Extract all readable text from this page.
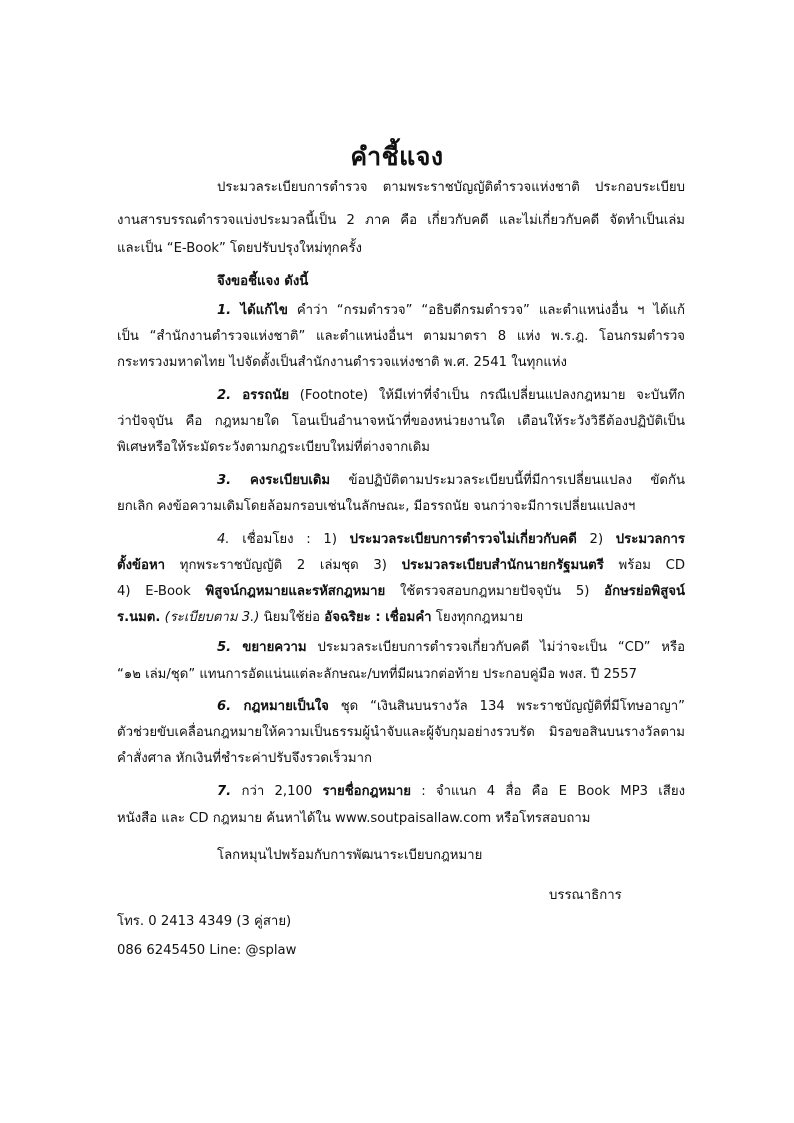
คำชี้แจง
ประมวลระเบียบการตำรวจ ตามพระราชบัญญัติตำรวจแห่งชาติ ประกอบระเบียบ
งานสารบรรณตำรวจแบ่งประมวลนี้เป็น 2 ภาค คือ เกี่ยวกับคดี และไม่เกี่ยวกับคดี จัดทำเป็นเล่ม
และเป็น “E-Book” โดยปรับปรุงใหม่ทุกครั้ง
จึงขอชี้แจง ดังนี้
1. ได้แก้ไข คำว่า “กรมตำรวจ” “อธิบดีกรมตำรวจ” และตำแหน่งอื่น ฯ ได้แก้
เป็น “สำนักงานตำรวจแห่งชาติ” และตำแหน่งอื่นฯ ตามมาตรา 8 แห่ง พ.ร.ฎ. โอนกรมตำรวจ
กระทรวงมหาดไทย ไปจัดตั้งเป็นสำนักงานตำรวจแห่งชาติ พ.ศ. 2541 ในทุกแห่ง
2. อรรถนัย (Footnote) ให้มีเท่าที่จำเป็น กรณีเปลี่ยนแปลงกฎหมาย จะบันทึก
ว่าปัจจุบัน คือ กฎหมายใด โอนเป็นอำนาจหน้าที่ของหน่วยงานใด เตือนให้ระวังวิธีต้องปฏิบัติเป็น
พิเศษหรือให้ระมัดระวังตามกฎระเบียบใหม่ที่ต่างจากเดิม
3. คงระเบียบเดิม ข้อปฏิบัติตามประมวลระเบียบนี้ที่มีการเปลี่ยนแปลง ขัดกัน
ยกเลิก คงข้อความเดิมโดยล้อมกรอบเช่นในลักษณะ, มีอรรถนัย จนกว่าจะมีการเปลี่ยนแปลงฯ
4. เชื่อมโยง : 1) ประมวลระเบียบการตำรวจไม่เกี่ยวกับคดี 2) ประมวลการ
ตั้งข้อหา ทุกพระราชบัญญัติ 2 เล่มชุด 3) ประมวลระเบียบสำนักนายกรัฐมนตรี พร้อม CD
4) E-Book พิสูจน์กฎหมายและรหัสกฎหมาย ใช้ตรวจสอบกฎหมายปัจจุบัน 5) อักษรย่อพิสูจน์
ร.นมต. (ระเบียบตาม 3.) นิยมใช้ย่อ อัจฉริยะ : เชื่อมคำ โยงทุกกฎหมาย
5. ขยายความ ประมวลระเบียบการตำรวจเกี่ยวกับคดี ไม่ว่าจะเป็น “CD” หรือ
“๑๒ เล่ม/ชุด” แทนการอัดแน่นแต่ละลักษณะ/บทที่มีผนวกต่อท้าย ประกอบคู่มือ พงส. ปี 2557
6. กฎหมายเป็นใจ ชุด “เงินสินบนรางวัล 134 พระราชบัญญัติที่มีโทษอาญา”
ตัวช่วยขับเคลื่อนกฎหมายให้ความเป็นธรรมผู้นำจับและผู้จับกุมอย่างรวบรัด มิรอขอสินบนรางวัลตาม
คำสั่งศาล หักเงินที่ชำระค่าปรับจึงรวดเร็วมาก
7. กว่า 2,100 รายชื่อกฎหมาย : จำแนก 4 สื่อ คือ E Book MP3 เสียง
หนังสือ และ CD กฎหมาย ค้นหาได้ใน www.soutpaisallaw.com หรือโทรสอบถาม
โลกหมุนไปพร้อมกับการพัฒนาระเบียบกฎหมาย
บรรณาธิการ
โทร. 0 2413 4349 (3 คู่สาย)
086 6245450 Line: @splaw
